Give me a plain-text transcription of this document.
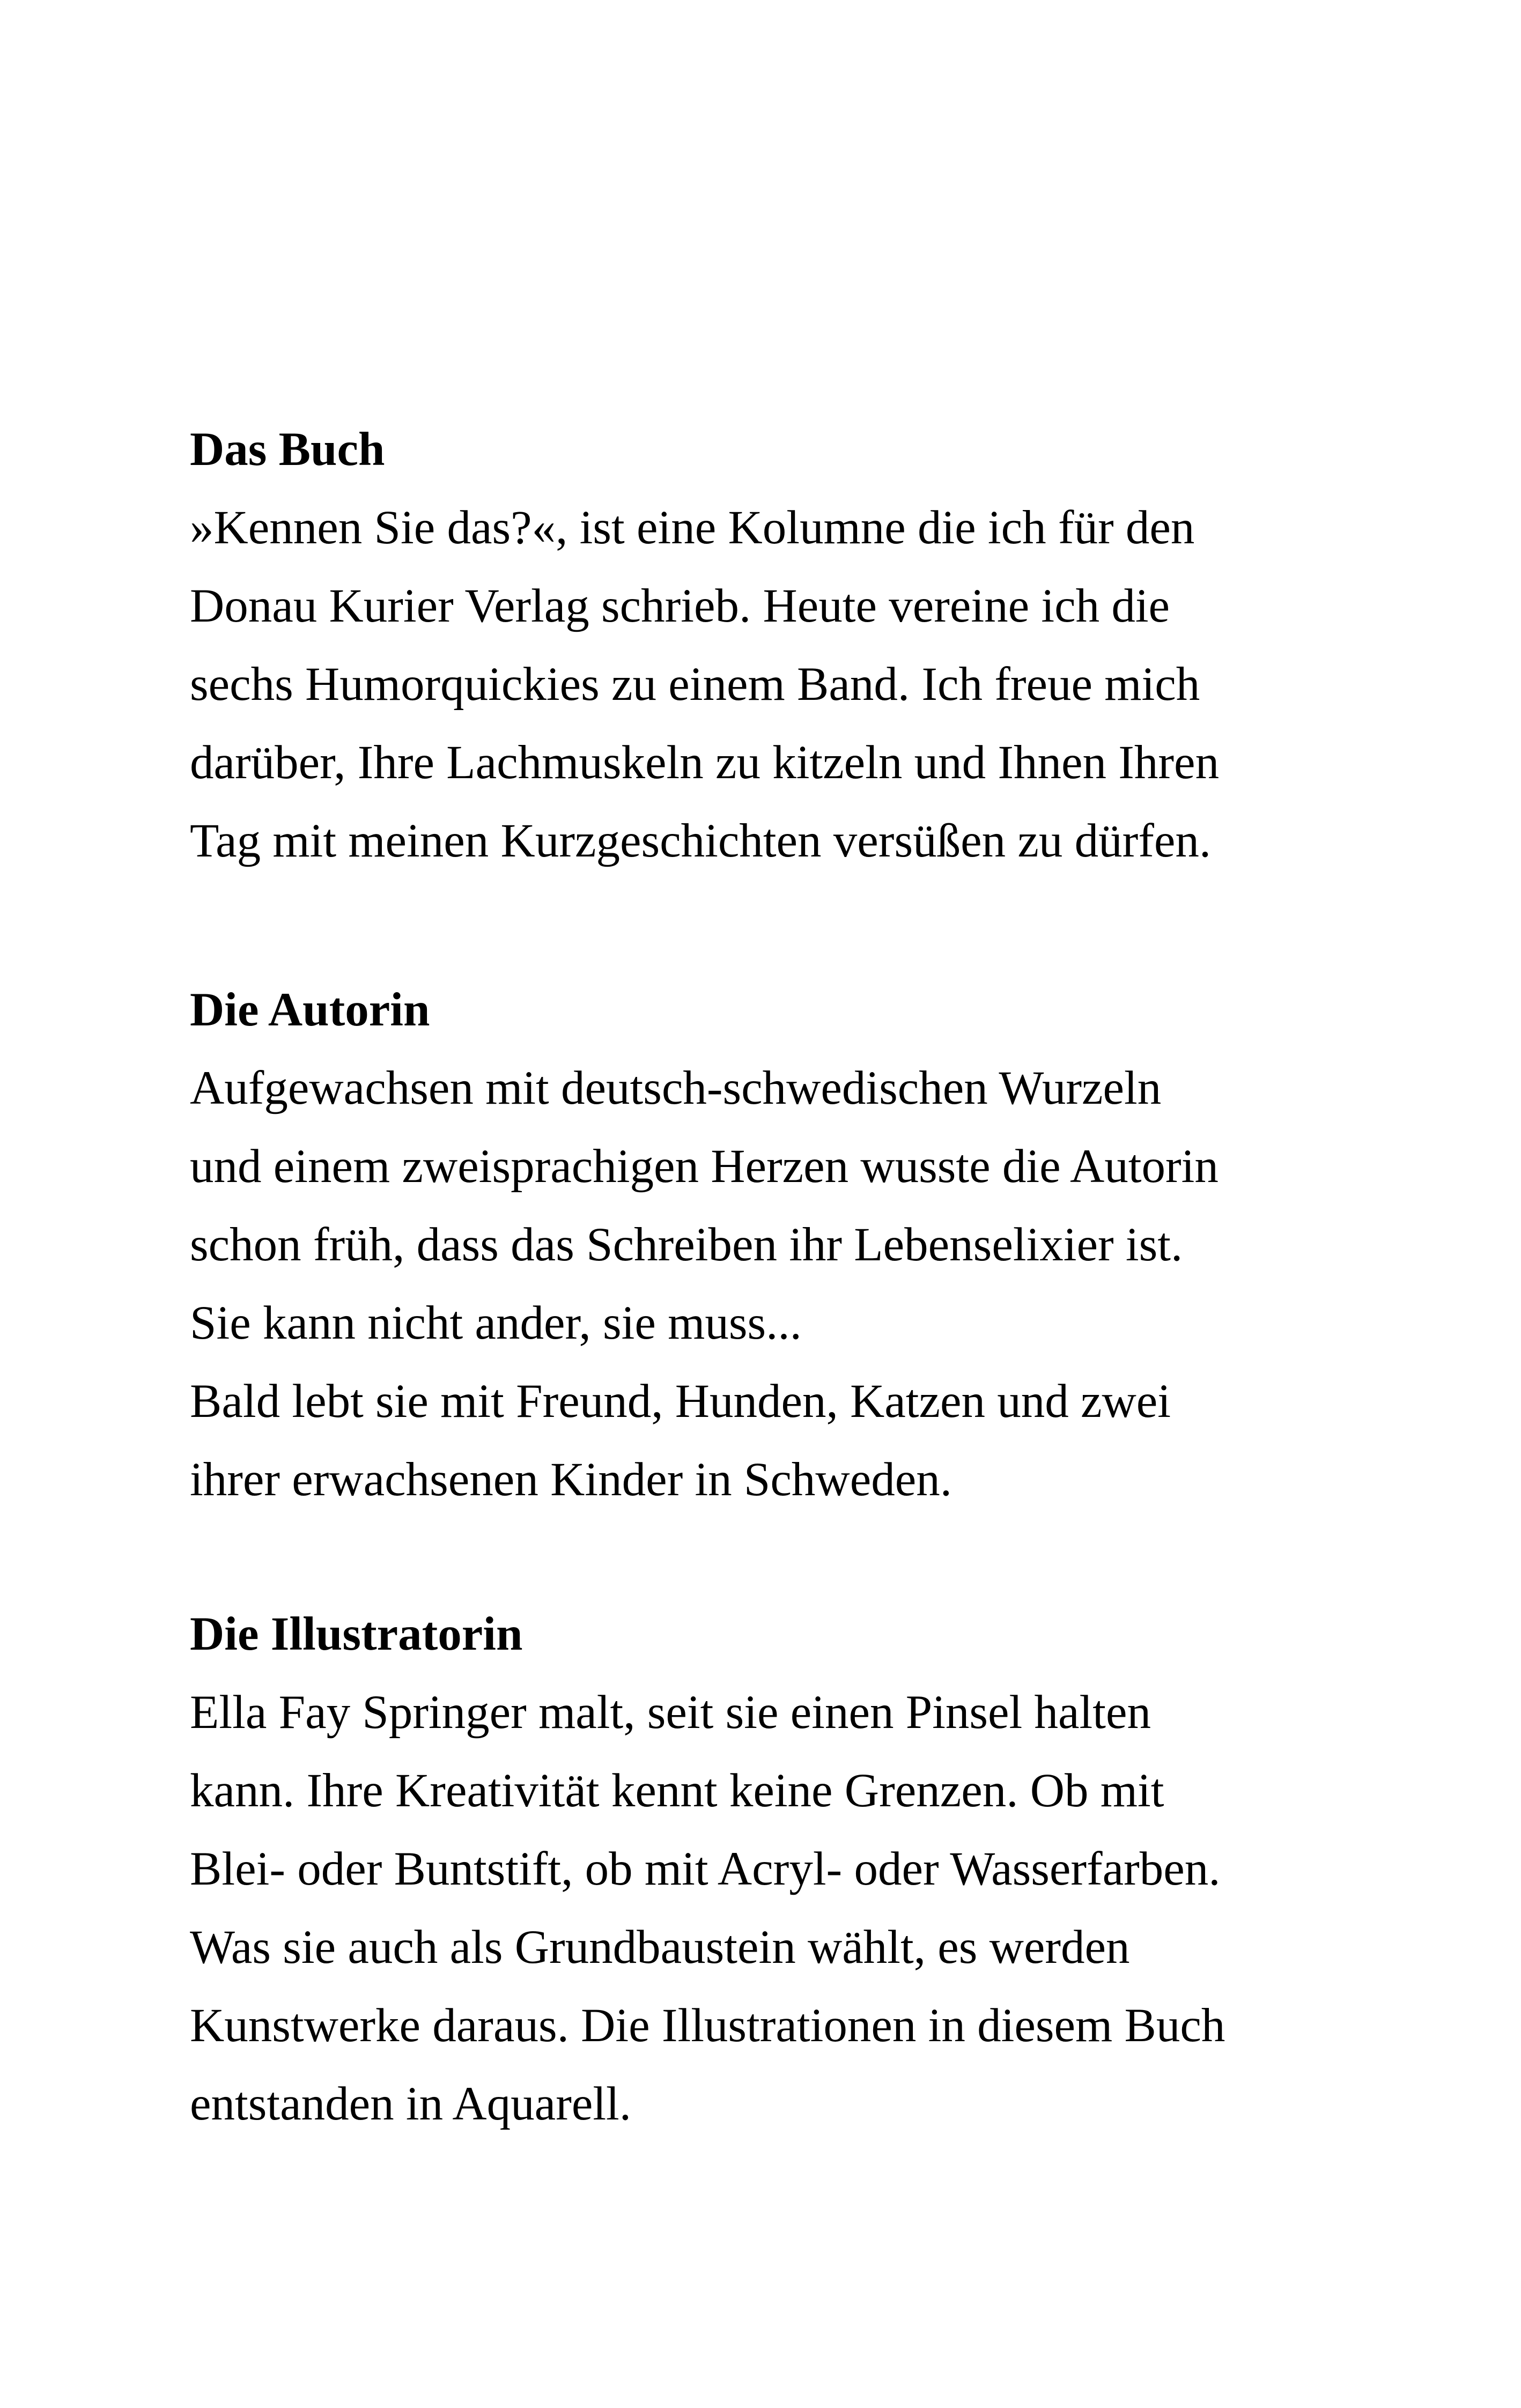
Das Buch

»Kennen Sie das?«, ist eine Kolumne die ich für den

Donau Kurier Verlag schrieb. Heute vereine ich die

sechs Humorquickies zu einem Band. Ich freue mich

darüber, Ihre Lachmuskeln zu kitzeln und Ihnen Ihren

Tag mit meinen Kurzgeschichten versüßen zu dürfen.

Die Autorin

Aufgewachsen mit deutsch-schwedischen Wurzeln

und einem zweisprachigen Herzen wusste die Autorin

schon früh, dass das Schreiben ihr Lebenselixier ist.

Sie kann nicht ander, sie muss...

Bald lebt sie mit Freund, Hunden, Katzen und zwei

ihrer erwachsenen Kinder in Schweden.

Die Illustratorin

Ella Fay Springer malt, seit sie einen Pinsel halten

kann. Ihre Kreativität kennt keine Grenzen. Ob mit

Blei- oder Buntstift, ob mit Acryl- oder Wasserfarben.

Was sie auch als Grundbaustein wählt, es werden

Kunstwerke daraus. Die Illustrationen in diesem Buch

entstanden in Aquarell.
